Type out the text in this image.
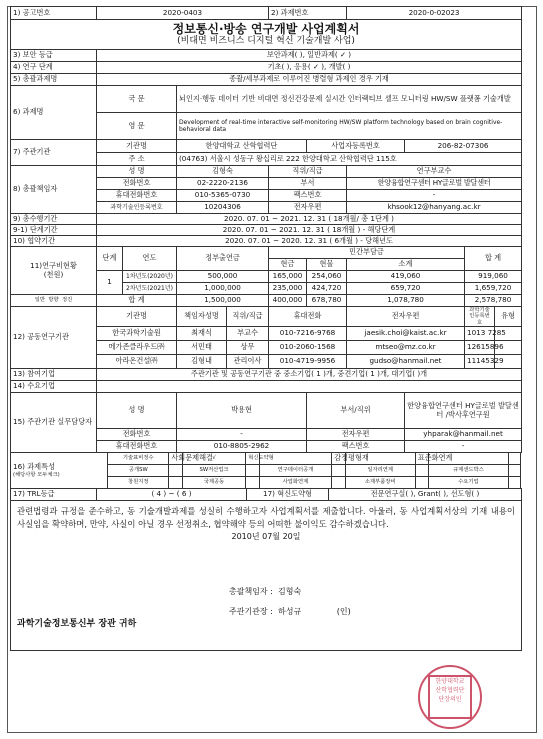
1) 공고번호	2020-0403				2) 과제번호		2020-0-02023			

정보통신·방송 연구개발 사업계획서
(비대면 비즈니스 디지털 혁신 기술개발 사업)										

3) 보안 등급	보안과제( ), 일반과제( ✓ )									
4) 연구 단계	기초( ), 응용( ✓ ), 개발( )									
5) 총괄과제명	종괄/세부과제로 이루어진 병렬형 과제인 경우 기재									
6) 과제명	국 문		뇌인지·행동 데이터 기반 비대면 정신건강문제 실시간 인터랙티브 셀프 모니터링 HW/SW 플랫폼 기술개발							
	영 문		Development of real-time interactive self-monitoring HW/SW platform technology based on brain cognitive-behavioral data							
7) 주관기관	기관명		한양대학교 산학협력단			사업자등록번호		206-82-07306		
	주 소		(04763) 서울시 성동구 왕십리로 222 한양대학교 산학협력단 115호							
8) 총괄책임자	성 명		김형숙		직위/직급		연구부교수			
	전화번호		02-2220-2136		부서		한양융합연구센터 HY글로벌 발달센터			
	휴대전화번호		010-5365-0730		팩스번호		-			
	과학기술인등록번호		10204306		전자우편		khsook12@hanyang.ac.kr			
9) 총수행기간	2020. 07. 01 ~ 2021. 12. 31 ( 18개월/ 총 1단계 )									
9-1) 단계기간	2020. 07. 01 ~ 2021. 12. 31 ( 18개월 ) - 해당단계									
10) 협약기간	2020. 07. 01 ~ 2020. 12. 31 ( 6개월 ) - 당해년도									

11)연구비현황
(천원)	단계	연도	정부출연금		민간부담금				합 계	
					현금	현물	소계			
	1	1차년도(2020년)	500,000		165,000	254,060	419,060		919,060	
		2차년도(2021년)	1,000,000		235,000	424,720	659,720		1,659,720	
일반 방향 정진	합 계		1,500,000		400,000	678,780	1,078,780		2,578,780	
12) 공동연구기관	기관명		책임자성명	직위/직급	휴대전화		전자우편		과학기술인등록번호	유형
	한국과학기술원		최재식	부교수	010-7216-9768		jaesik.choi@kaist.ac.kr		1013 7285	
	메가존클라우드㈜		서민태	상무	010-2060-1568		mtseo@mz.co.kr		12615896	
	아라온건설㈜		김형내	관리이사	010-4719-9956		gudso@hanmail.net		11145329	
13) 참여기업	주관기관 및 공동연구기관 중 중소기업( 1 )개, 중견기업( 1 )개, 대기업( )개									
14) 수요기업										
15) 주관기관 실무담당자	성 명		박용현			부서/직위		한양융합연구센터 HY글로벌 발달센터 /박사후연구원		
	전화번호		-			전자우편		yhparak@hanmail.net		
	휴대전화번호		010-8805-2962			팩스번호		-		
16) 과제특성
(해당사항 모두체크)	기술표비정수	사회문제해결	√	혁신도약형		감정평형재		표준화연계		
	공개SW		SW저산업크		연구데이터공개		일자리연계		규제샌드박스	
	창원지정		국제공동		사업화연계		소재부품장비		수요기업	
17) TRL등급	( 4 ) ~ ( 6 )	17) 혁신도약형	전문연구실( ), Grant( ), 선도형( )

관련법령과 규정을 준수하고, 동 기술개발과제를 성실히 수행하고자 사업계획서를 제출합니다. 아울러, 동 사업계획서상의 기재 내용이 사실임을 확약하며, 만약, 사실이 아닐 경우 선정취소, 협약해약 등의 어떠한 불이익도 감수하겠습니다.
2010년 07월 20일
총괄책임자 : 김형숙
주관기관장 : 하성규	(인)
과학기술정보통신부 장관 귀하
한양대학교
산학협력단
단장의인
